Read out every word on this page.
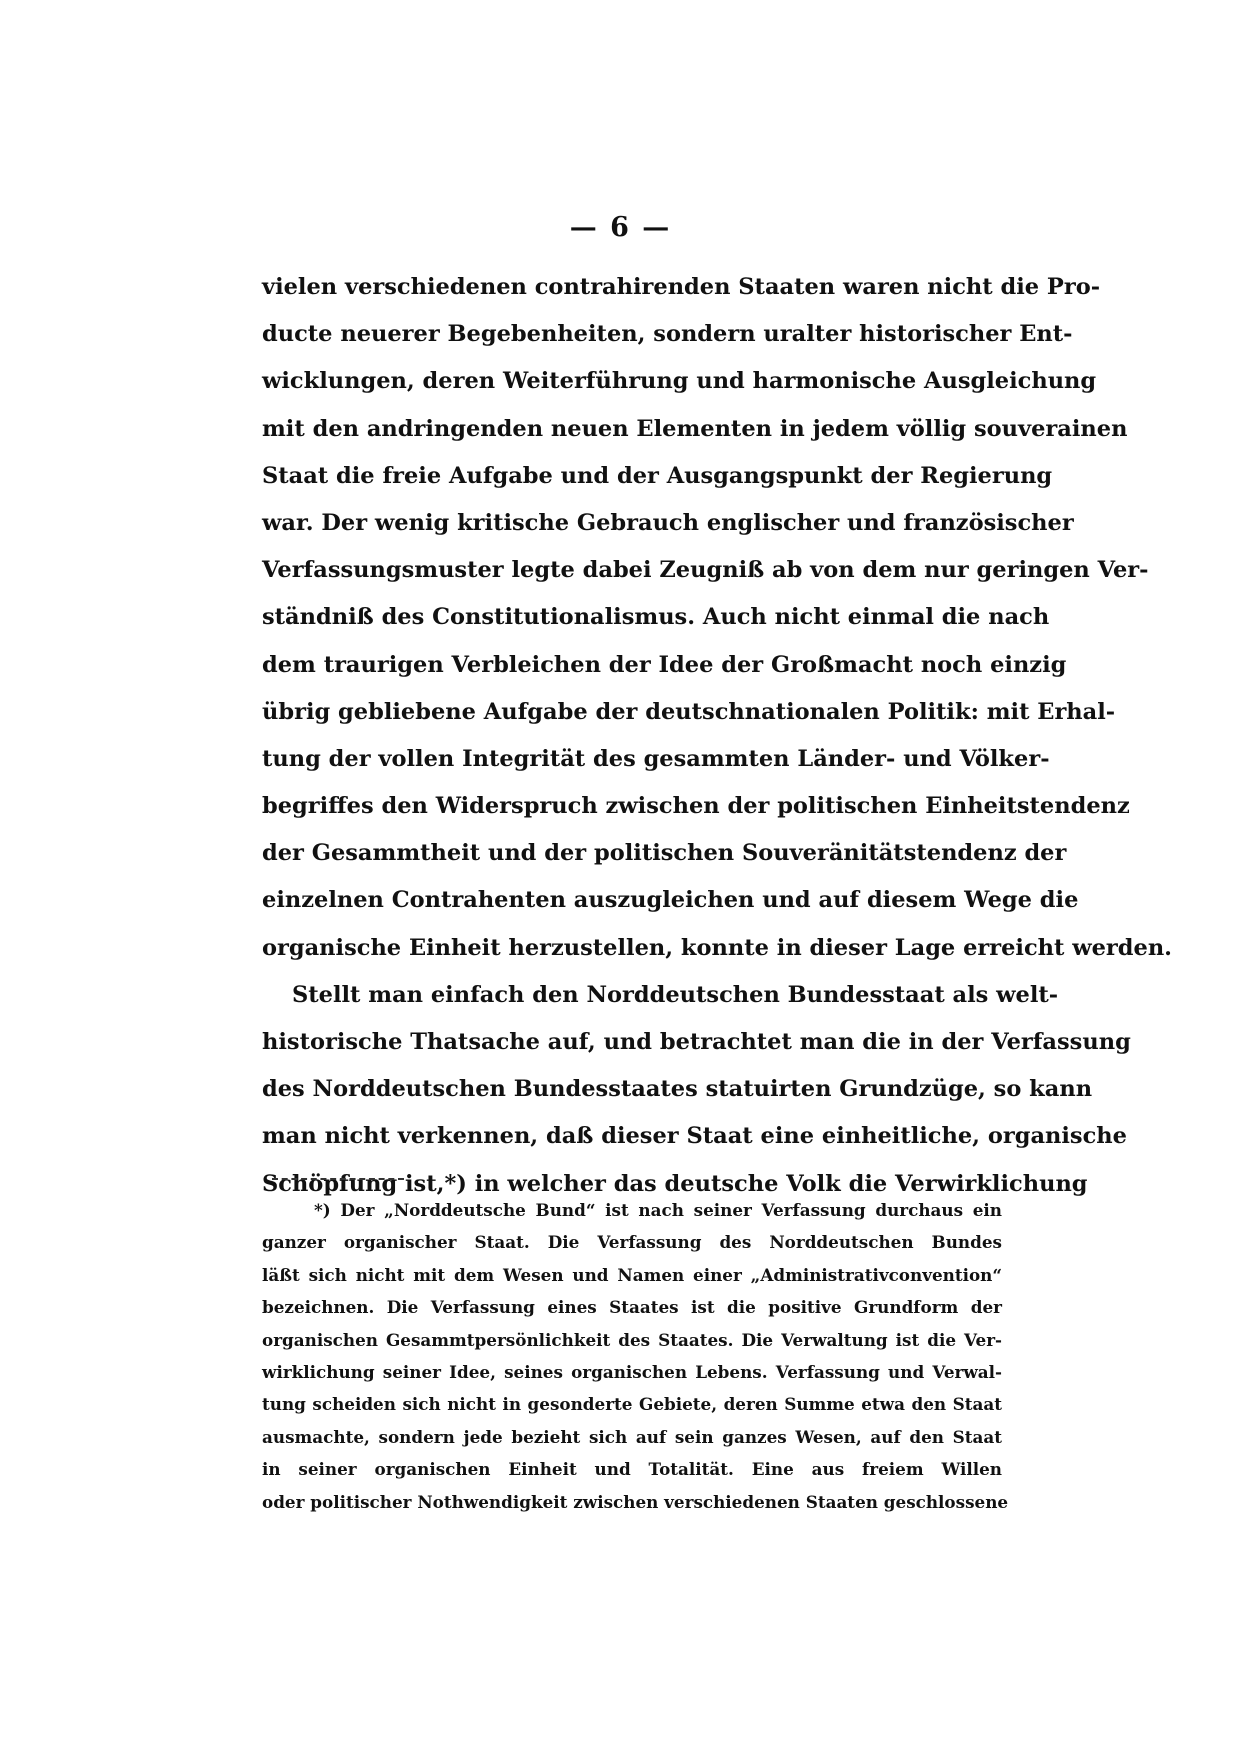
— 6 —
vielen verschiedenen contrahirenden Staaten waren nicht die Pro-
ducte neuerer Begebenheiten, sondern uralter historischer Ent-
wicklungen, deren Weiterführung und harmonische Ausgleichung
mit den andringenden neuen Elementen in jedem völlig souverainen
Staat die freie Aufgabe und der Ausgangspunkt der Regierung
war. Der wenig kritische Gebrauch englischer und französischer
Verfassungsmuster legte dabei Zeugniß ab von dem nur geringen Ver-
ständniß des Constitutionalismus. Auch nicht einmal die nach
dem traurigen Verbleichen der Idee der Großmacht noch einzig
übrig gebliebene Aufgabe der deutschnationalen Politik: mit Erhal-
tung der vollen Integrität des gesammten Länder- und Völker-
begriffes den Widerspruch zwischen der politischen Einheitstendenz
der Gesammtheit und der politischen Souveränitätstendenz der
einzelnen Contrahenten auszugleichen und auf diesem Wege die
organische Einheit herzustellen, konnte in dieser Lage erreicht werden.
Stellt man einfach den Norddeutschen Bundesstaat als welt-
historische Thatsache auf, und betrachtet man die in der Verfassung
des Norddeutschen Bundesstaates statuirten Grundzüge, so kann
man nicht verkennen, daß dieser Staat eine einheitliche, organische
Schöpfung ist,*) in welcher das deutsche Volk die Verwirklichung
*) Der „Norddeutsche Bund“ ist nach seiner Verfassung durchaus ein
ganzer organischer Staat. Die Verfassung des Norddeutschen Bundes
läßt sich nicht mit dem Wesen und Namen einer „Administrativconvention“
bezeichnen. Die Verfassung eines Staates ist die positive Grundform der
organischen Gesammtpersönlichkeit des Staates. Die Verwaltung ist die Ver-
wirklichung seiner Idee, seines organischen Lebens. Verfassung und Verwal-
tung scheiden sich nicht in gesonderte Gebiete, deren Summe etwa den Staat
ausmachte, sondern jede bezieht sich auf sein ganzes Wesen, auf den Staat
in seiner organischen Einheit und Totalität. Eine aus freiem Willen
oder politischer Nothwendigkeit zwischen verschiedenen Staaten geschlossene
